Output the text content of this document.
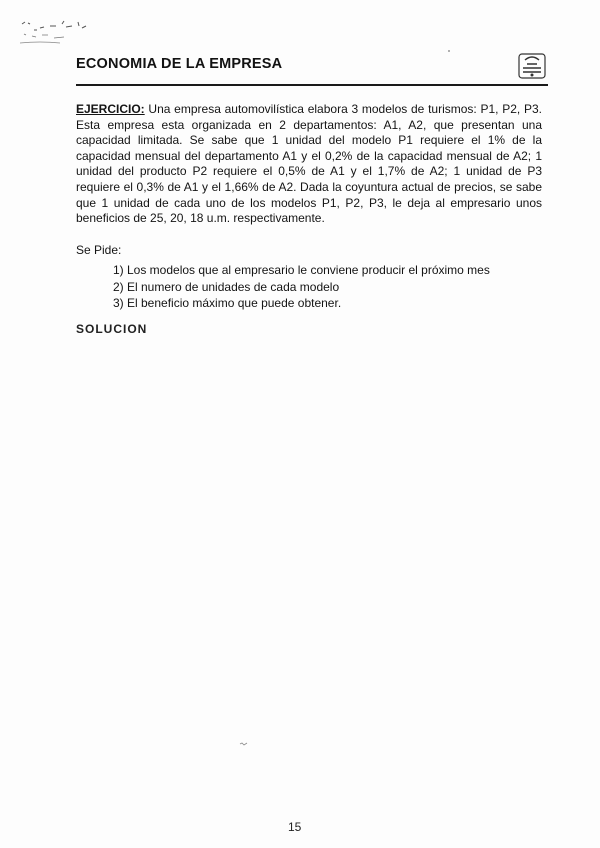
ECONOMIA DE LA EMPRESA
EJERCICIO: Una empresa automovilística elabora 3 modelos de turismos: P1, P2, P3. Esta empresa esta organizada en 2 departamentos: A1, A2, que presentan una capacidad limitada. Se sabe que 1 unidad del modelo P1 requiere el 1% de la capacidad mensual del departamento A1 y el 0,2% de la capacidad mensual de A2; 1 unidad del producto P2 requiere el 0,5% de A1 y el 1,7% de A2; 1 unidad de P3 requiere el 0,3% de A1 y el 1,66% de A2. Dada la coyuntura actual de precios, se sabe que 1 unidad de cada uno de los modelos P1, P2, P3, le deja al empresario unos beneficios de 25, 20, 18 u.m. respectivamente.
Se Pide:
1) Los modelos que al empresario le conviene producir el próximo mes
2) El numero de unidades de cada modelo
3) El beneficio máximo que puede obtener.
SOLUCION
15
